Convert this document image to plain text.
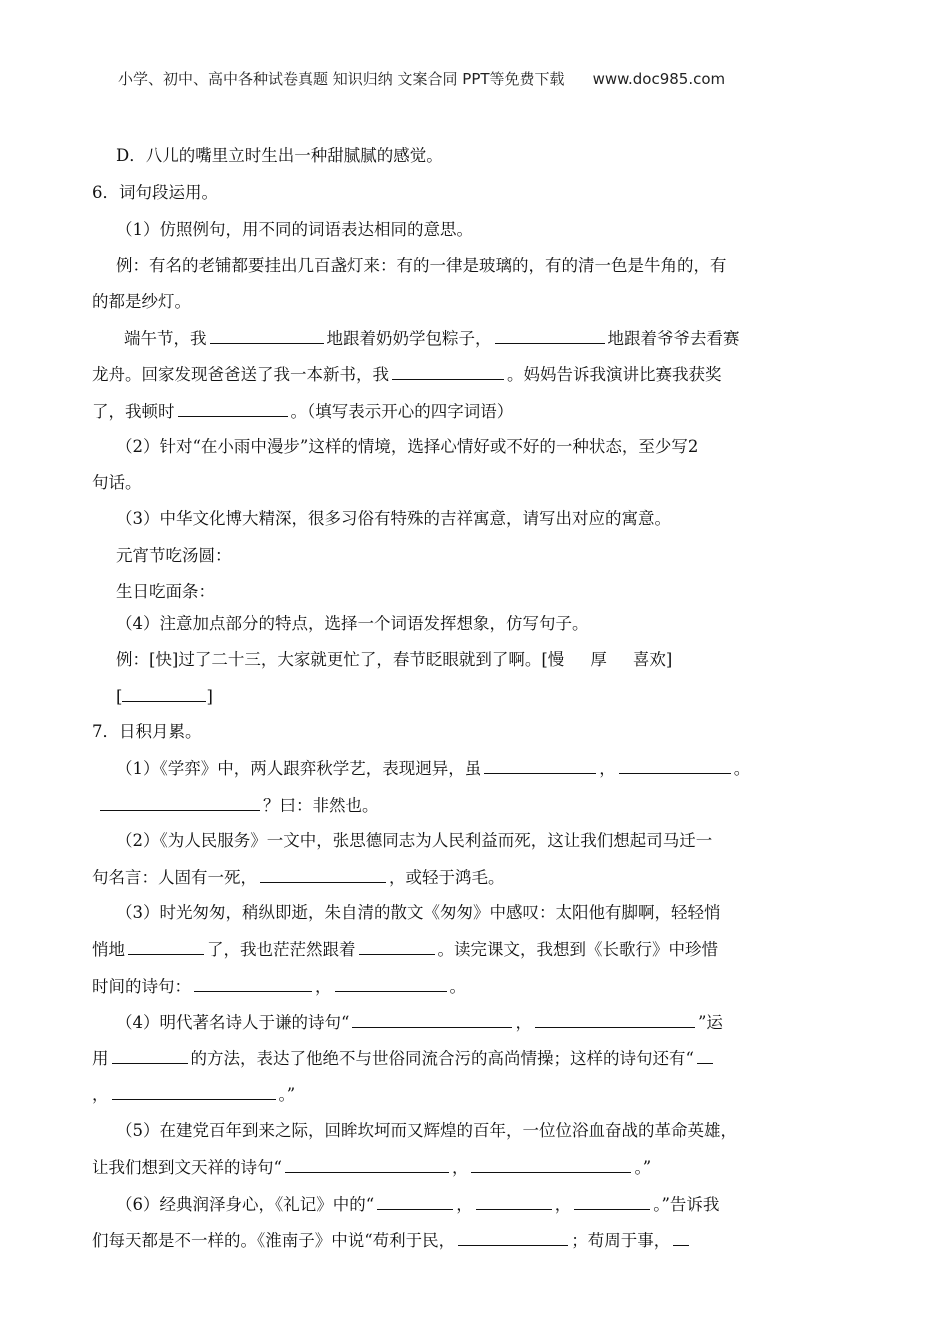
小学、初中、高中各种试卷真题 知识归纳 文案合同 PPT等免费下载 www.doc985.com
D．八儿的嘴里立时生出一种甜腻腻的感觉。
6．词句段运用。
（1）仿照例句，用不同的词语表达相同的意思。
例：有名的老铺都要挂出几百盏灯来：有的一律是玻璃的，有的清一色是牛角的，有
的都是纱灯。
端午节，我	地跟着奶奶学包粽子，	地跟着爷爷去看赛
龙舟。回家发现爸爸送了我一本新书，我	。妈妈告诉我演讲比赛我获奖
了，我顿时	。（填写表示开心的四字词语）
（2）针对“在小雨中漫步”这样的情境，选择心情好或不好的一种状态，至少写2
句话。
（3）中华文化博大精深，很多习俗有特殊的吉祥寓意，请写出对应的寓意。
元宵节吃汤圆：
生日吃面条：
（4）注意加点部分的特点，选择一个词语发挥想象，仿写句子。
例：[快]过了二十三，大家就更忙了，春节眨眼就到了啊。[慢 厚 喜欢]
[	]
7．日积月累。
（1）《学弈》中，两人跟弈秋学艺，表现迥异，虽	，	。
？曰：非然也。
（2）《为人民服务》一文中，张思德同志为人民利益而死，这让我们想起司马迁一
句名言：人固有一死，	，或轻于鸿毛。
（3）时光匆匆，稍纵即逝，朱自清的散文《匆匆》中感叹：太阳他有脚啊，轻轻悄
悄地	了，我也茫茫然跟着	。读完课文，我想到《长歌行》中珍惜
时间的诗句：	，	。
（4）明代著名诗人于谦的诗句“	，	”运
用	的方法，表达了他绝不与世俗同流合污的高尚情操；这样的诗句还有“
，	。”
（5）在建党百年到来之际，回眸坎坷而又辉煌的百年，一位位浴血奋战的革命英雄，
让我们想到文天祥的诗句“	，	。”
（6）经典润泽身心，《礼记》中的“	，	，	。”告诉我
们每天都是不一样的。《淮南子》中说“苟利于民，	；苟周于事，
